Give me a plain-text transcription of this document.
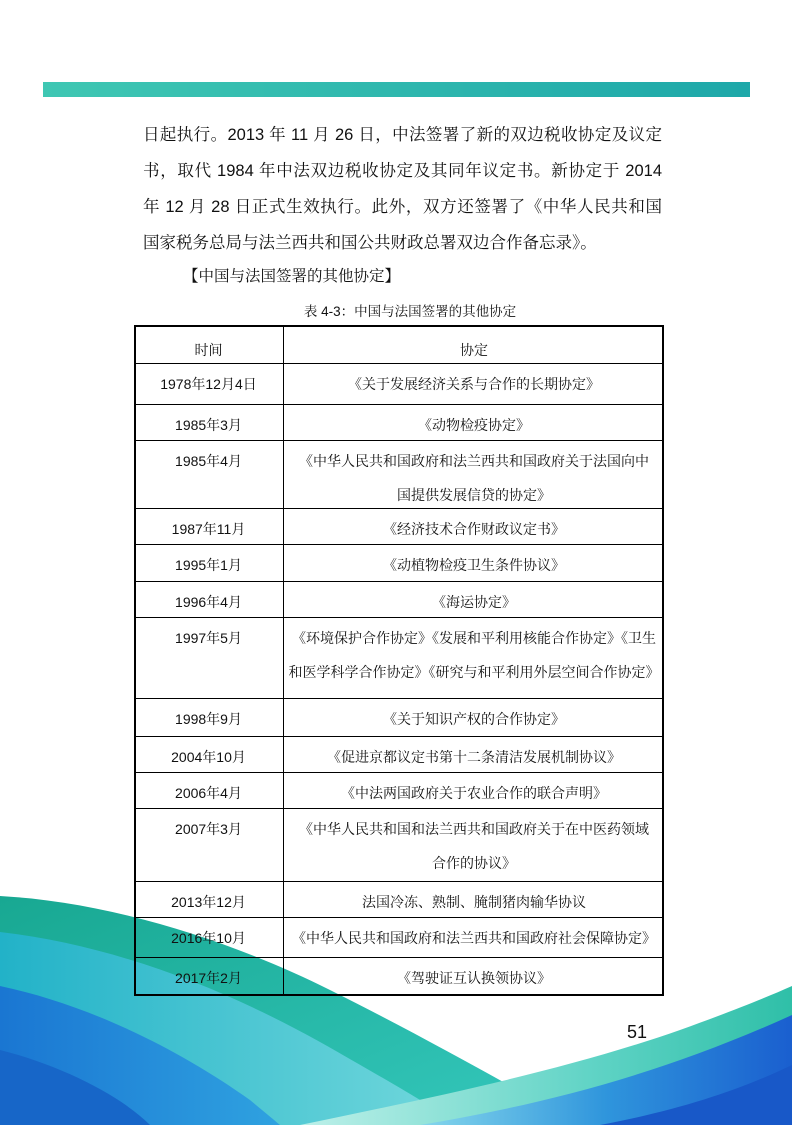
日起执行。2013 年 11 月 26 日，中法签署了新的双边税收协定及议定
书，取代 1984 年中法双边税收协定及其同年议定书。新协定于 2014
年 12 月 28 日正式生效执行。此外，双方还签署了《中华人民共和国
国家税务总局与法兰西共和国公共财政总署双边合作备忘录》。
【中国与法国签署的其他协定】
表 4-3：中国与法国签署的其他协定
时间	协定
1978年12月4日	《关于发展经济关系与合作的长期协定》
1985年3月	《动物检疫协定》
1985年4月	《中华人民共和国政府和法兰西共和国政府关于法国向中
国提供发展信贷的协定》
1987年11月	《经济技术合作财政议定书》
1995年1月	《动植物检疫卫生条件协议》
1996年4月	《海运协定》
1997年5月	《环境保护合作协定》《发展和平利用核能合作协定》《卫生
和医学科学合作协定》《研究与和平利用外层空间合作协定》
1998年9月	《关于知识产权的合作协定》
2004年10月	《促进京都议定书第十二条清洁发展机制协议》
2006年4月	《中法两国政府关于农业合作的联合声明》
2007年3月	《中华人民共和国和法兰西共和国政府关于在中医药领域
合作的协议》
2013年12月	法国冷冻、熟制、腌制猪肉输华协议
2016年10月	《中华人民共和国政府和法兰西共和国政府社会保障协定》
2017年2月	《驾驶证互认换领协议》
51
